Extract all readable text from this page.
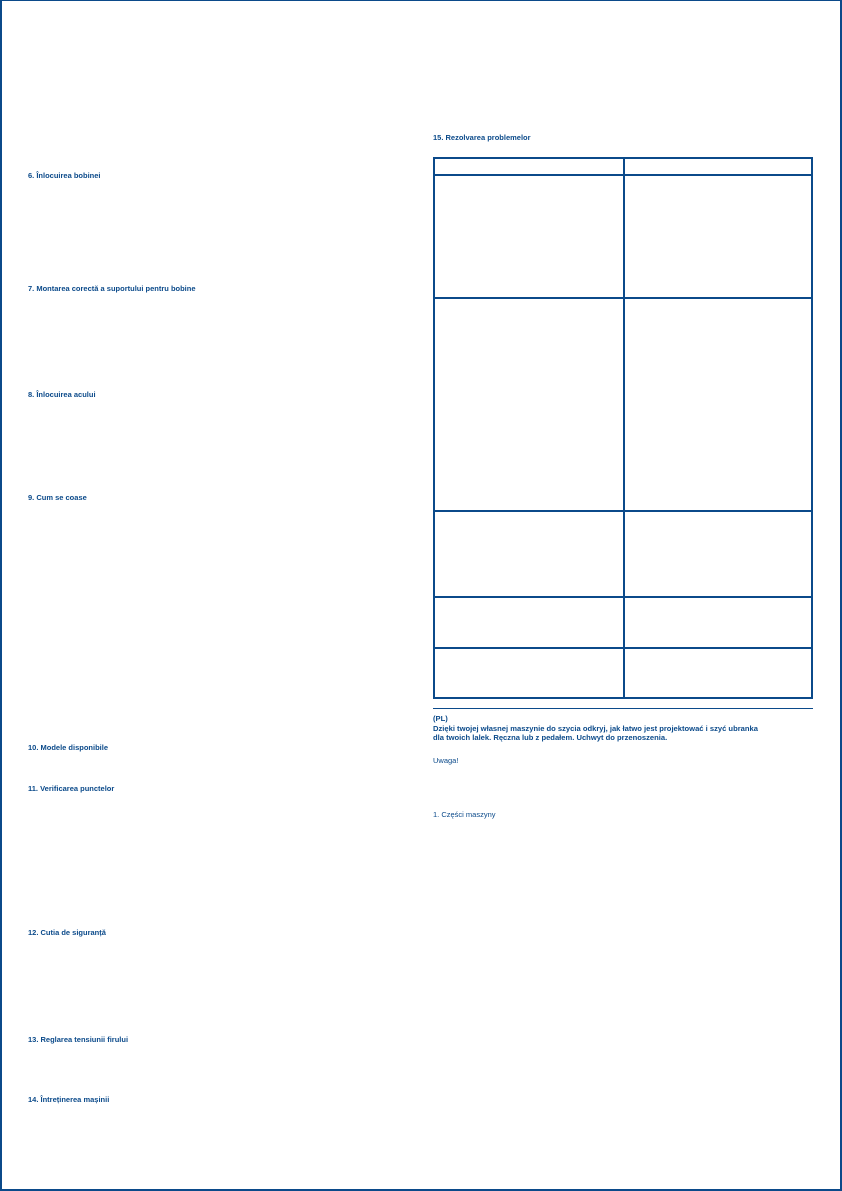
6. Înlocuirea bobinei

7. Montarea corectă a suportului pentru bobine

8. Înlocuirea acului

9. Cum se coase

10. Modele disponibile

11. Verificarea punctelor

12. Cutia de siguranță

13. Reglarea tensiunii firului

14. Întreținerea mașinii

15. Rezolvarea problemelor

(PL)
Dzięki twojej własnej maszynie do szycia odkryj, jak łatwo jest projektować i szyć ubranka
dla twoich lalek. Ręczna lub z pedałem. Uchwyt do przenoszenia.

Uwaga!

1. Części maszyny
